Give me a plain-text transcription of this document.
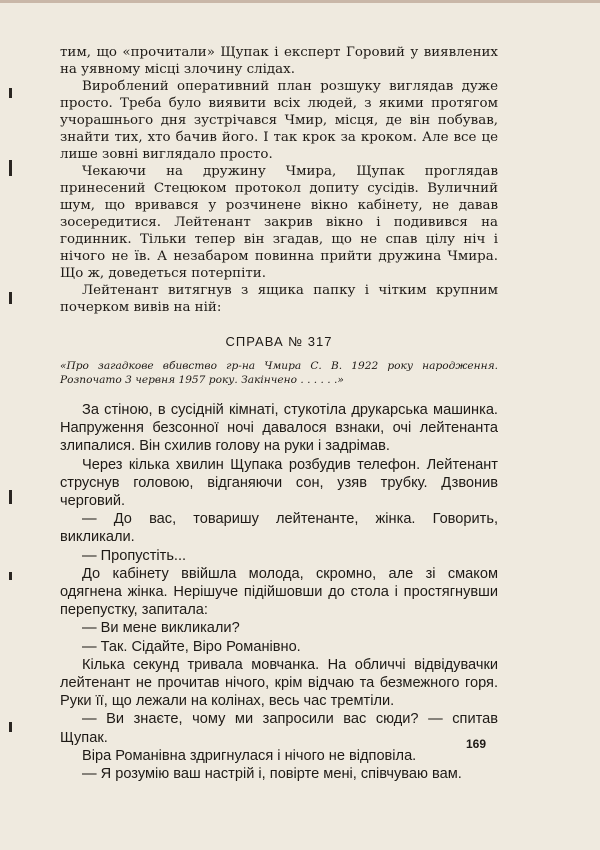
тим, що «прочитали» Щупак і експерт Горовий у виявлених на уявному місці злочину слідах.

Вироблений оперативний план розшуку виглядав дуже просто. Треба було виявити всіх людей, з якими протягом учорашнього дня зустрічався Чмир, місця, де він побував, знайти тих, хто бачив його. І так крок за кроком. Але все це лише зовні виглядало просто.

Чекаючи на дружину Чмира, Щупак проглядав принесений Стецюком протокол допиту сусідів. Вуличний шум, що вривався у розчинене вікно кабінету, не давав зосередитися. Лейтенант закрив вікно і подивився на годинник. Тільки тепер він згадав, що не спав цілу ніч і нічого не їв. А незабаром повинна прийти дружина Чмира. Що ж, доведеться потерпіти.

Лейтенант витягнув з ящика папку і чітким крупним почерком вивів на ній:

СПРАВА № 317

«Про загадкове вбивство гр-на Чмира С. В. 1922 року народження. Розпочато 3 червня 1957 року. Закінчено . . . . . .»

За стіною, в сусідній кімнаті, стукотіла друкарська машинка. Напруження безсонної ночі давалося взнаки, очі лейтенанта злипалися. Він схилив голову на руки і задрімав.

Через кілька хвилин Щупака розбудив телефон. Лейтенант струснув головою, відганяючи сон, узяв трубку. Дзвонив черговий.

— До вас, товаришу лейтенанте, жінка. Говорить, викликали.

— Пропустіть...

До кабінету ввійшла молода, скромно, але зі смаком одягнена жінка. Нерішуче підійшовши до стола і простягнувши перепустку, запитала:

— Ви мене викликали?

— Так. Сідайте, Віро Романівно.

Кілька секунд тривала мовчанка. На обличчі відвідувачки лейтенант не прочитав нічого, крім відчаю та безмежного горя. Руки її, що лежали на колінах, весь час тремтіли.

— Ви знаєте, чому ми запросили вас сюди? — спитав Щупак.

Віра Романівна здригнулася і нічого не відповіла.

— Я розумію ваш настрій і, повірте мені, співчуваю вам.

169
